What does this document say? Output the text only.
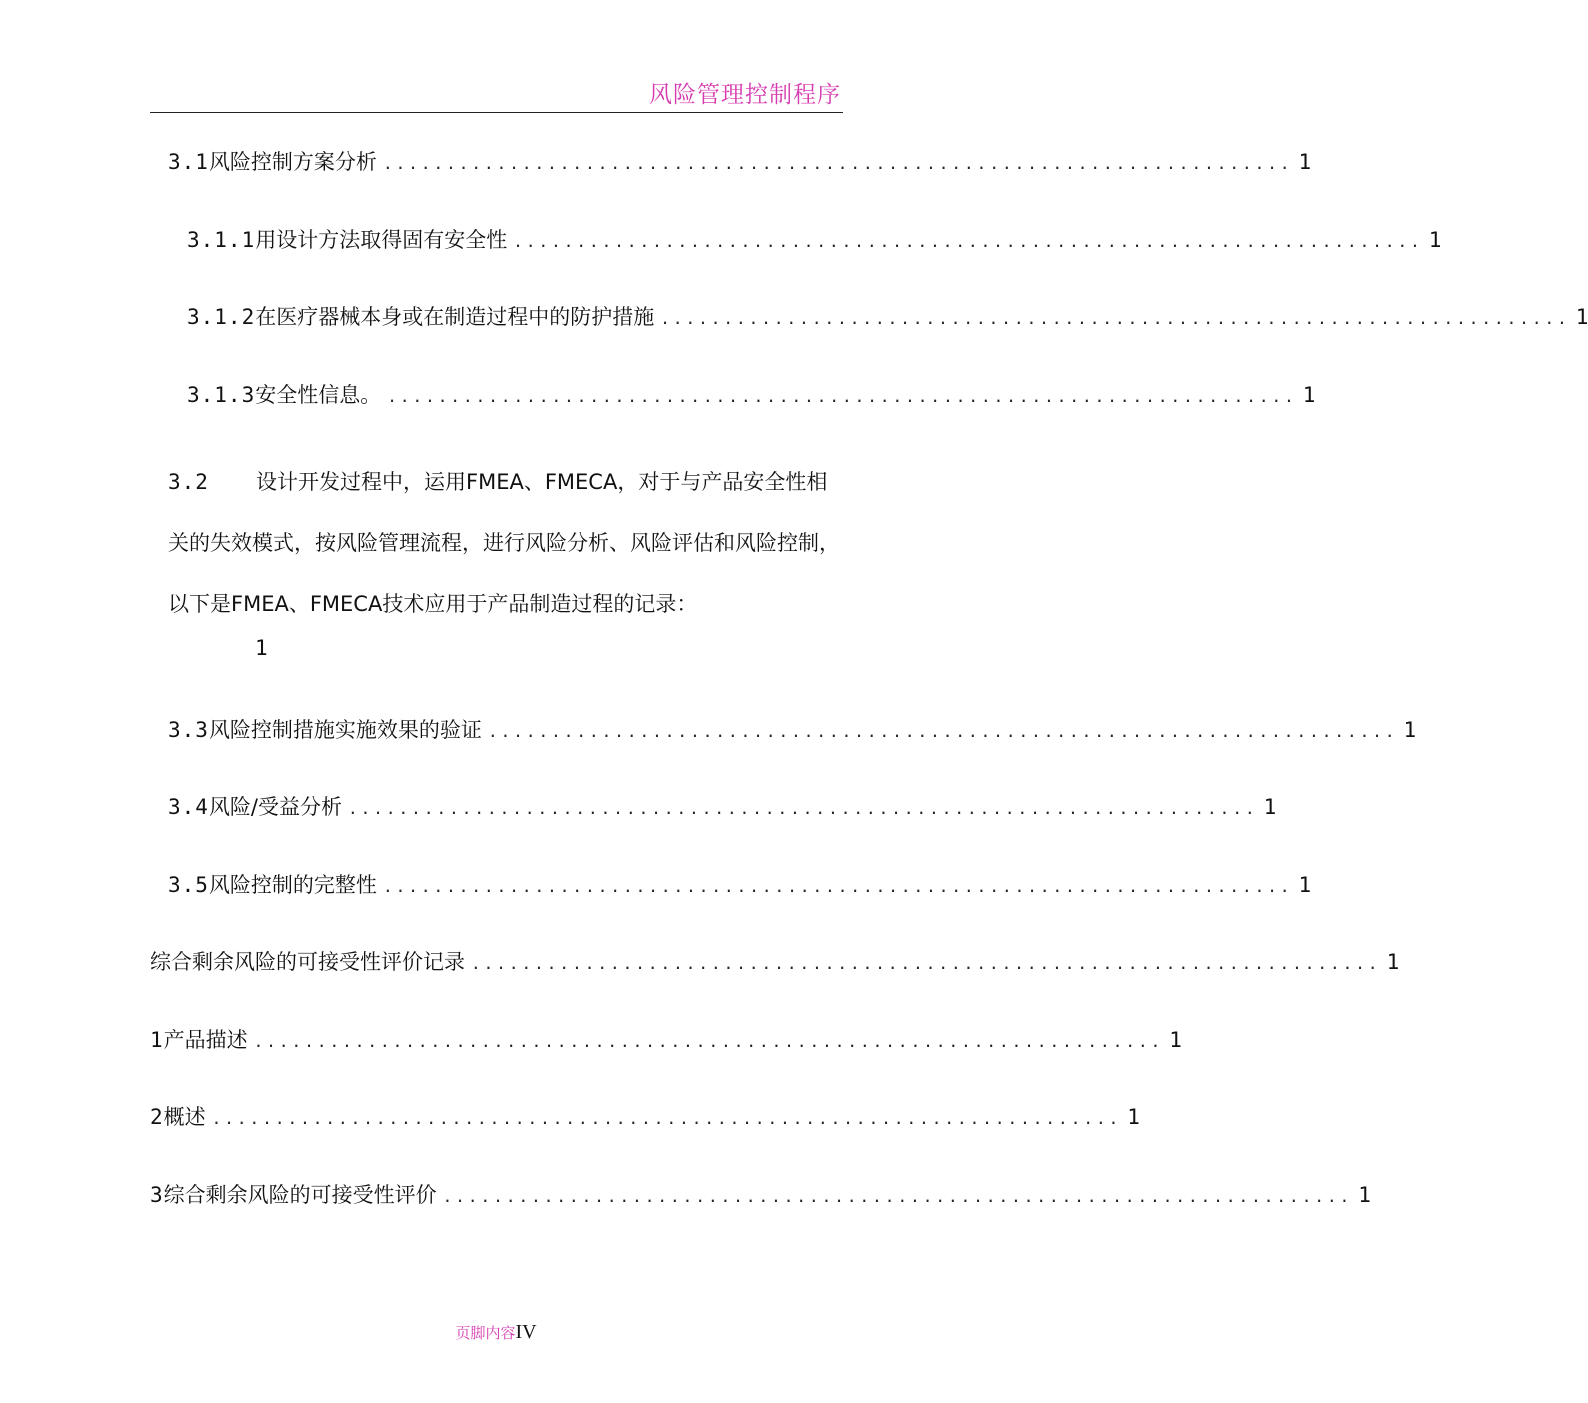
风险管理控制程序
3.1 风险控制方案分析 ........................................................................ 1
3.1.1 用设计方法取得固有安全性 ........................................................................ 1
3.1.2 在医疗器械本身或在制造过程中的防护措施 ........................................................................ 1
3.1.3 安全性信息。 ........................................................................ 1
3.2 设计开发过程中，运用FMEA、FMECA，对于与产品安全性相关的失效模式，按风险管理流程，进行风险分析、风险评估和风险控制，以下是FMEA、FMECA技术应用于产品制造过程的记录：
1
3.3 风险控制措施实施效果的验证 ........................................................................ 1
3.4 风险/受益分析 ........................................................................ 1
3.5 风险控制的完整性 ........................................................................ 1
综合剩余风险的可接受性评价记录 ........................................................................ 1
1 产品描述 ........................................................................ 1
2 概述 ........................................................................ 1
3 综合剩余风险的可接受性评价 ........................................................................ 1
页脚内容IV
